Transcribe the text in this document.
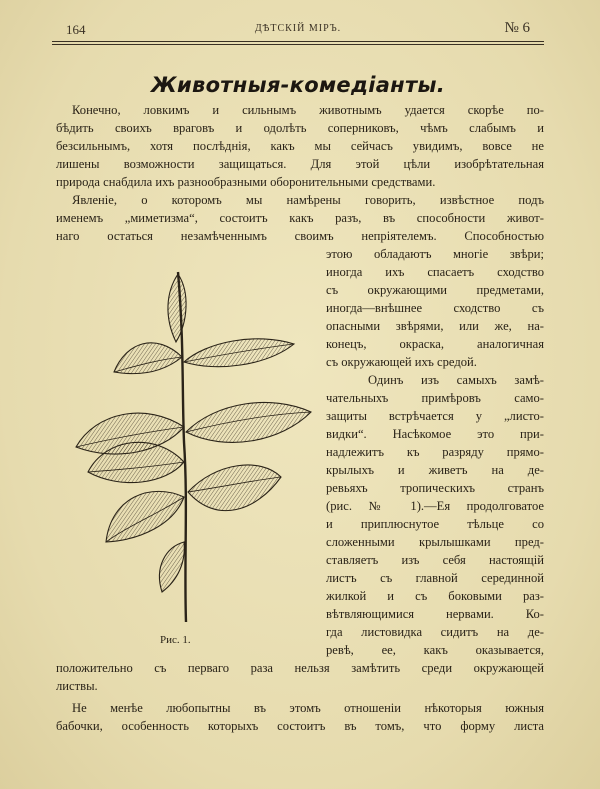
164	ДѢТСКІЙ МІРЪ.	№ 6
Животныя-комедіанты.
Конечно, ловкимъ и сильнымъ животнымъ удается скорѣе по-
бѣдить своихъ враговъ и одолѣть соперниковъ, чѣмъ слабымъ и
безсильнымъ, хотя послѣднія, какъ мы сейчасъ увидимъ, вовсе не
лишены возможности защищаться. Для этой цѣли изобрѣтательная
природа снабдила ихъ разнообразными оборонительными средствами.
Явленіе, о которомъ мы намѣрены говорить, извѣстное подъ
именемъ „миметизма“, состоитъ какъ разъ, въ способности живот-
наго остаться незамѣченнымъ своимъ непріятелемъ. Способностью
этою обладаютъ многіе звѣри;
иногда ихъ спасаетъ сходство
съ окружающими предметами,
иногда—внѣшнее сходство съ
опасными звѣрями, или же, на-
конецъ, окраска, аналогичная
съ окружающей ихъ средой.
Одинъ изъ самыхъ замѣ-
чательныхъ примѣровъ само-
защиты встрѣчается у „листо-
видки“. Насѣкомое это при-
надлежитъ къ разряду прямо-
крылыхъ и живетъ на де-
ревьяхъ тропическихъ странъ
(рис. № 1).—Ея продолговатое
и приплюснутое тѣльце со
сложенными крылышками пред-
ставляетъ изъ себя настоящій
листъ съ главной серединной
жилкой и съ боковыми раз-
вѣтвляющимися нервами. Ко-
гда листовидка сидитъ на де-
ревѣ, ее, какъ оказывается,
положительно съ перваго раза нельзя замѣтить среди окружающей
листвы.
Не менѣе любопытны въ этомъ отношеніи нѣкоторыя южныя
бабочки, особенность которыхъ состоитъ въ томъ, что форму листа
Рис. 1.
